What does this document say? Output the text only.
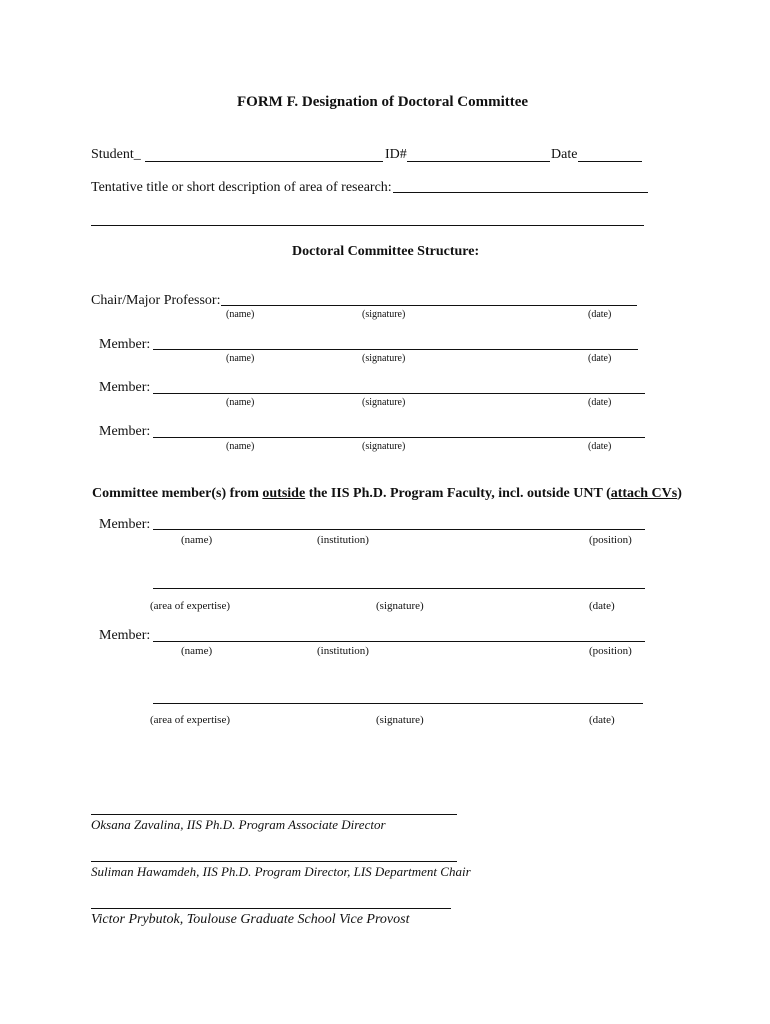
FORM F. Designation of Doctoral Committee
Student_	ID#	Date
Tentative title or short description of area of research:
Doctoral Committee Structure:
Chair/Major Professor:
(name)	(signature)	(date)
Member:
(name)	(signature)	(date)
Member:
(name)	(signature)	(date)
Member:
(name)	(signature)	(date)
Committee member(s) from outside the IIS Ph.D. Program Faculty, incl. outside UNT (attach CVs)
Member:
(name)	(institution)	(position)
(area of expertise)	(signature)	(date)
Member:
(name)	(institution)	(position)
(area of expertise)	(signature)	(date)
Oksana Zavalina, IIS Ph.D. Program Associate Director
Suliman Hawamdeh, IIS Ph.D. Program Director, LIS Department Chair
Victor Prybutok, Toulouse Graduate School Vice Provost
